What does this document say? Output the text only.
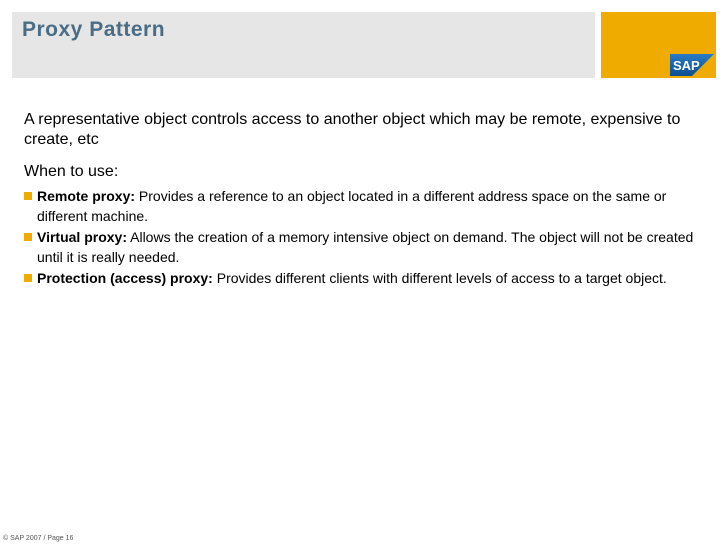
Proxy Pattern
SAP

A representative object controls access to another object which may be remote, expensive to create, etc

When to use:

Remote proxy: Provides a reference to an object located in a different address space on the same or different machine.
Virtual proxy: Allows the creation of a memory intensive object on demand. The object will not be created until it is really needed.
Protection (access) proxy: Provides different clients with different levels of access to a target object.
© SAP 2007 / Page 16
